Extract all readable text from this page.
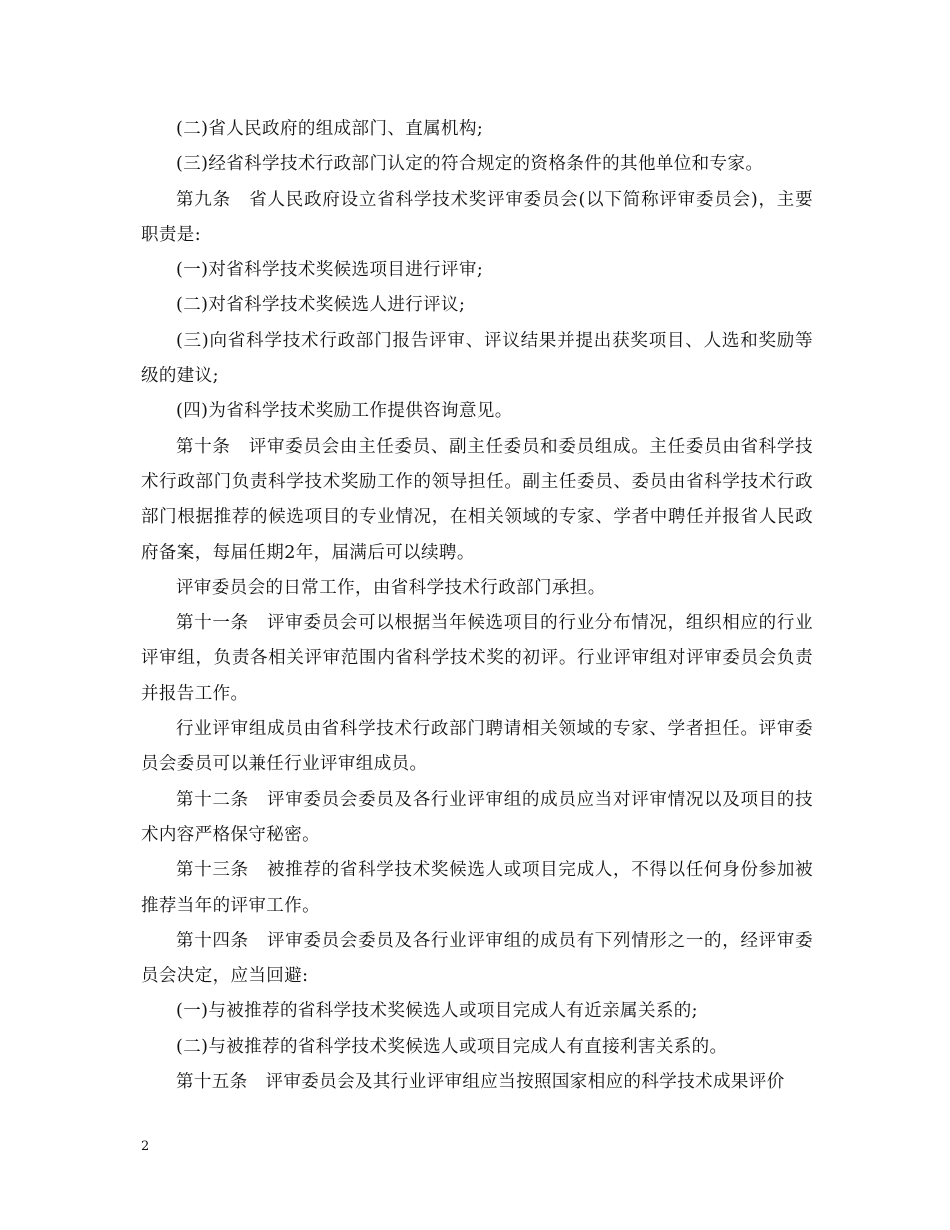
(二)省人民政府的组成部门、直属机构;

(三)经省科学技术行政部门认定的符合规定的资格条件的其他单位和专家。

第九条　省人民政府设立省科学技术奖评审委员会(以下简称评审委员会)，主要职责是:

(一)对省科学技术奖候选项目进行评审;

(二)对省科学技术奖候选人进行评议;

(三)向省科学技术行政部门报告评审、评议结果并提出获奖项目、人选和奖励等级的建议;

(四)为省科学技术奖励工作提供咨询意见。

第十条　评审委员会由主任委员、副主任委员和委员组成。主任委员由省科学技术行政部门负责科学技术奖励工作的领导担任。副主任委员、委员由省科学技术行政部门根据推荐的候选项目的专业情况，在相关领域的专家、学者中聘任并报省人民政府备案，每届任期2年，届满后可以续聘。

评审委员会的日常工作，由省科学技术行政部门承担。

第十一条　评审委员会可以根据当年候选项目的行业分布情况，组织相应的行业评审组，负责各相关评审范围内省科学技术奖的初评。行业评审组对评审委员会负责并报告工作。

行业评审组成员由省科学技术行政部门聘请相关领域的专家、学者担任。评审委员会委员可以兼任行业评审组成员。

第十二条　评审委员会委员及各行业评审组的成员应当对评审情况以及项目的技术内容严格保守秘密。

第十三条　被推荐的省科学技术奖候选人或项目完成人，不得以任何身份参加被推荐当年的评审工作。

第十四条　评审委员会委员及各行业评审组的成员有下列情形之一的，经评审委员会决定，应当回避:

(一)与被推荐的省科学技术奖候选人或项目完成人有近亲属关系的;

(二)与被推荐的省科学技术奖候选人或项目完成人有直接利害关系的。

第十五条　评审委员会及其行业评审组应当按照国家相应的科学技术成果评价

2
